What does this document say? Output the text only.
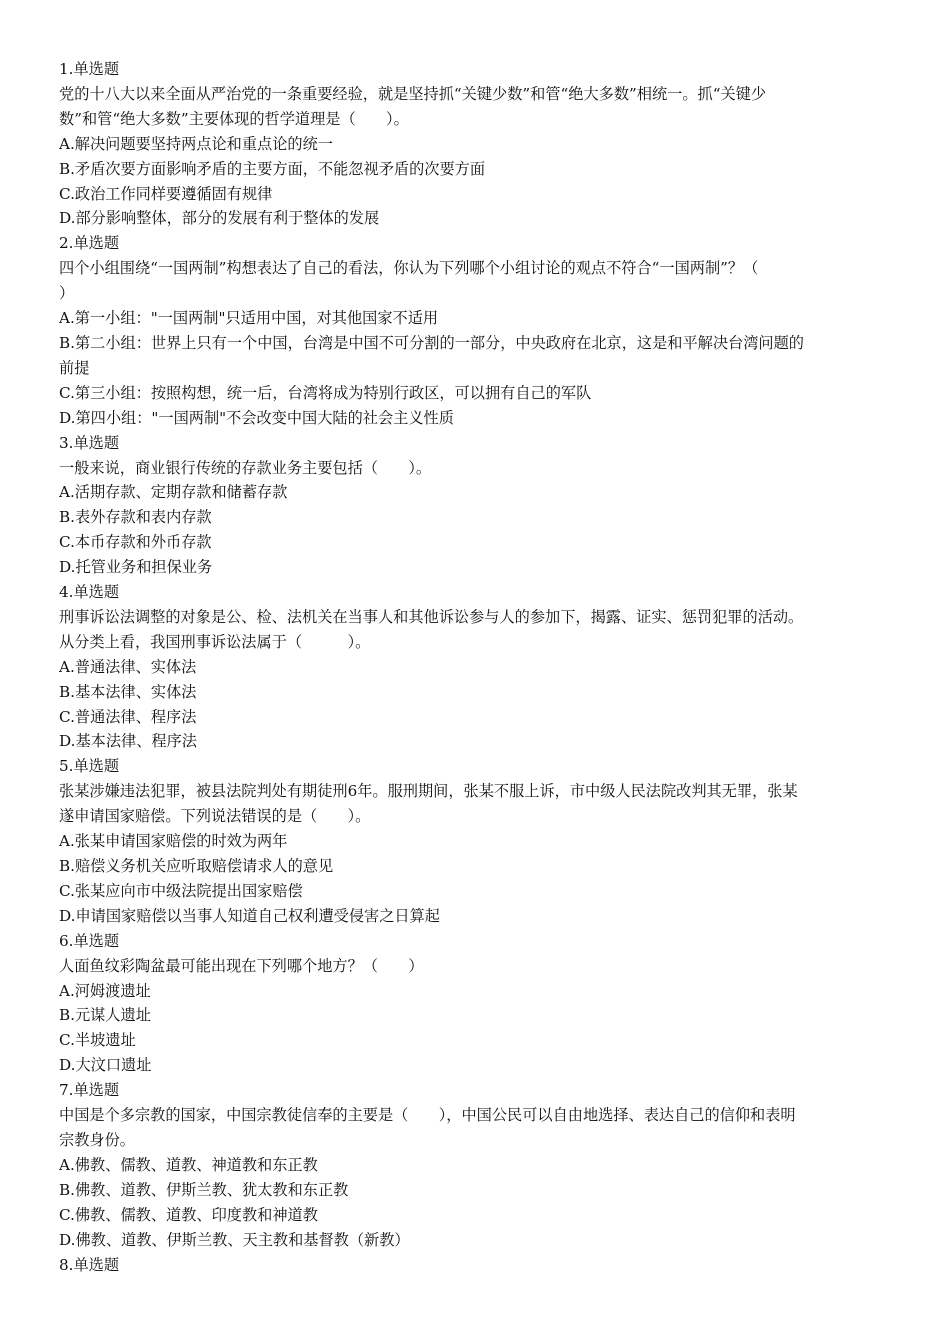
1.单选题
党的十八大以来全面从严治党的一条重要经验，就是坚持抓“关键少数”和管“绝大多数”相统一。抓“关键少
数”和管“绝大多数”主要体现的哲学道理是（　　）。
A.解决问题要坚持两点论和重点论的统一
B.矛盾次要方面影响矛盾的主要方面，不能忽视矛盾的次要方面
C.政治工作同样要遵循固有规律
D.部分影响整体，部分的发展有利于整体的发展
2.单选题
四个小组围绕“一国两制”构想表达了自己的看法，你认为下列哪个小组讨论的观点不符合“一国两制”？（
）
A.第一小组："一国两制"只适用中国，对其他国家不适用
B.第二小组：世界上只有一个中国，台湾是中国不可分割的一部分，中央政府在北京，这是和平解决台湾问题的
前提
C.第三小组：按照构想，统一后，台湾将成为特别行政区，可以拥有自己的军队
D.第四小组："一国两制"不会改变中国大陆的社会主义性质
3.单选题
一般来说，商业银行传统的存款业务主要包括（　　）。
A.活期存款、定期存款和储蓄存款
B.表外存款和表内存款
C.本币存款和外币存款
D.托管业务和担保业务
4.单选题
刑事诉讼法调整的对象是公、检、法机关在当事人和其他诉讼参与人的参加下，揭露、证实、惩罚犯罪的活动。
从分类上看，我国刑事诉讼法属于（　　　）。
A.普通法律、实体法
B.基本法律、实体法
C.普通法律、程序法
D.基本法律、程序法
5.单选题
张某涉嫌违法犯罪，被县法院判处有期徒刑6年。服刑期间，张某不服上诉，市中级人民法院改判其无罪，张某
遂申请国家赔偿。下列说法错误的是（　　）。
A.张某申请国家赔偿的时效为两年
B.赔偿义务机关应听取赔偿请求人的意见
C.张某应向市中级法院提出国家赔偿
D.申请国家赔偿以当事人知道自己权利遭受侵害之日算起
6.单选题
人面鱼纹彩陶盆最可能出现在下列哪个地方？（　　）
A.河姆渡遗址
B.元谋人遗址
C.半坡遗址
D.大汶口遗址
7.单选题
中国是个多宗教的国家，中国宗教徒信奉的主要是（　　），中国公民可以自由地选择、表达自己的信仰和表明
宗教身份。
A.佛教、儒教、道教、神道教和东正教
B.佛教、道教、伊斯兰教、犹太教和东正教
C.佛教、儒教、道教、印度教和神道教
D.佛教、道教、伊斯兰教、天主教和基督教（新教）
8.单选题
